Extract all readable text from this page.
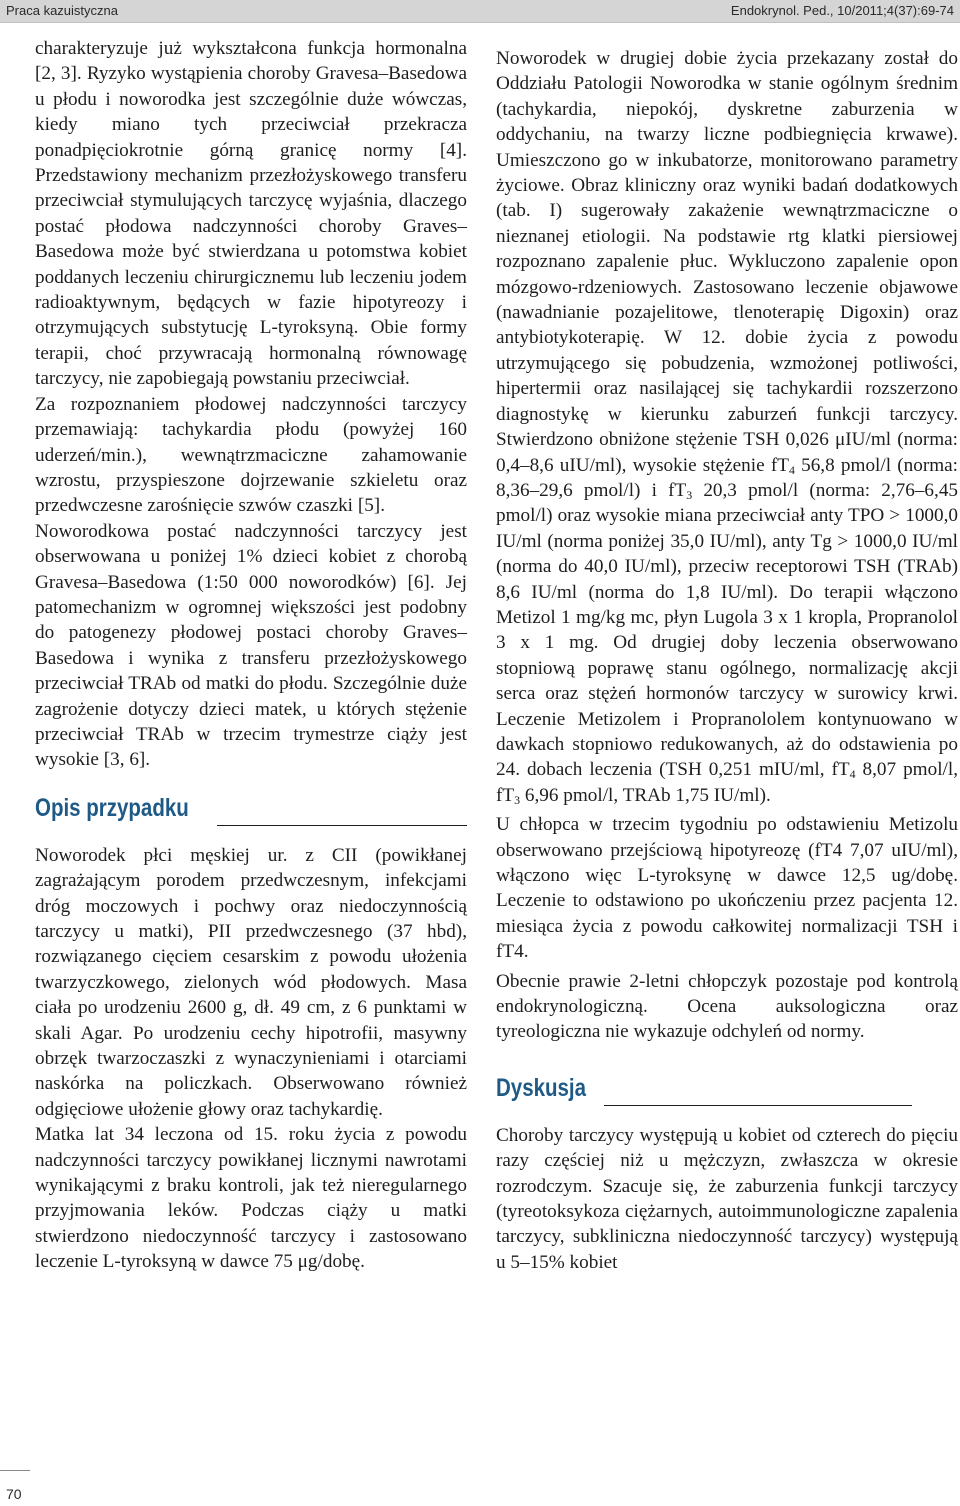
Praca kazuistyczna	Endokrynol. Ped., 10/2011;4(37):69-74

charakteryzuje już wykształcona funkcja hormonalna [2, 3]. Ryzyko wystąpienia choroby Gravesa–Basedowa u płodu i noworodka jest szczególnie duże wówczas, kiedy miano tych przeciwciał przekracza ponadpięciokrotnie górną granicę normy [4]. Przedstawiony mechanizm przezłożyskowego transferu przeciwciał stymulujących tarczycę wyjaśnia, dlaczego postać płodowa nadczynności choroby Graves–Basedowa może być stwierdzana u potomstwa kobiet poddanych leczeniu chirurgicznemu lub leczeniu jodem radioaktywnym, będących w fazie hipotyreozy i otrzymujących substytucję L-tyroksyną. Obie formy terapii, choć przywracają hormonalną równowagę tarczycy, nie zapobiegają powstaniu przeciwciał.

Za rozpoznaniem płodowej nadczynności tarczycy przemawiają: tachykardia płodu (powyżej 160 uderzeń/min.), wewnątrzmaciczne zahamowanie wzrostu, przyspieszone dojrzewanie szkieletu oraz przedwczesne zarośnięcie szwów czaszki [5].

Noworodkowa postać nadczynności tarczycy jest obserwowana u poniżej 1% dzieci kobiet z chorobą Gravesa–Basedowa (1:50 000 noworodków) [6]. Jej patomechanizm w ogromnej większości jest podobny do patogenezy płodowej postaci choroby Graves–Basedowa i wynika z transferu przezłożyskowego przeciwciał TRAb od matki do płodu. Szczególnie duże zagrożenie dotyczy dzieci matek, u których stężenie przeciwciał TRAb w trzecim trymestrze ciąży jest wysokie [3, 6].

Opis przypadku

Noworodek płci męskiej ur. z CII (powikłanej zagrażającym porodem przedwczesnym, infekcjami dróg moczowych i pochwy oraz niedoczynnością tarczycy u matki), PII przedwczesnego (37 hbd), rozwiązanego cięciem cesarskim z powodu ułożenia twarzyczkowego, zielonych wód płodowych. Masa ciała po urodzeniu 2600 g, dł. 49 cm, z 6 punktami w skali Agar. Po urodzeniu cechy hipotrofii, masywny obrzęk twarzoczaszki z wynaczynieniami i otarciami naskórka na policzkach. Obserwowano również odgięciowe ułożenie głowy oraz tachykardię.

Matka lat 34 leczona od 15. roku życia z powodu nadczynności tarczycy powikłanej licznymi nawrotami wynikającymi z braku kontroli, jak też nieregularnego przyjmowania leków. Podczas ciąży u matki stwierdzono niedoczynność tarczycy i zastosowano leczenie L-tyroksyną w dawce 75 μg/dobę.

Noworodek w drugiej dobie życia przekazany został do Oddziału Patologii Noworodka w stanie ogólnym średnim (tachykardia, niepokój, dyskretne zaburzenia w oddychaniu, na twarzy liczne podbiegnięcia krwawe). Umieszczono go w inkubatorze, monitorowano parametry życiowe. Obraz kliniczny oraz wyniki badań dodatkowych (tab. I) sugerowały zakażenie wewnątrzmaciczne o nieznanej etiologii. Na podstawie rtg klatki piersiowej rozpoznano zapalenie płuc. Wykluczono zapalenie opon mózgowo-rdzeniowych. Zastosowano leczenie objawowe (nawadnianie pozajelitowe, tlenoterapię Digoxin) oraz antybiotykoterapię. W 12. dobie życia z powodu utrzymującego się pobudzenia, wzmożonej potliwości, hipertermii oraz nasilającej się tachykardii rozszerzono diagnostykę w kierunku zaburzeń funkcji tarczycy. Stwierdzono obniżone stężenie TSH 0,026 μIU/ml (norma: 0,4–8,6 uIU/ml), wysokie stężenie $fT_4$ 56,8 pmol/l (norma: 8,36–29,6 pmol/l) i $fT_3$ 20,3 pmol/l (norma: 2,76–6,45 pmol/l) oraz wysokie miana przeciwciał anty TPO > 1000,0 IU/ml (norma poniżej 35,0 IU/ml), anty Tg > 1000,0 IU/ml (norma do 40,0 IU/ml), przeciw receptorowi TSH (TRAb) 8,6 IU/ml (norma do 1,8 IU/ml). Do terapii włączono Metizol 1 mg/kg mc, płyn Lugola 3 x 1 kropla, Propranolol 3 x 1 mg. Od drugiej doby leczenia obserwowano stopniową poprawę stanu ogólnego, normalizację akcji serca oraz stężeń hormonów tarczycy w surowicy krwi. Leczenie Metizolem i Propranololem kontynuowano w dawkach stopniowo redukowanych, aż do odstawienia po 24. dobach leczenia (TSH 0,251 mIU/ml, $fT_4$ 8,07 pmol/l, $fT_3$ 6,96 pmol/l, TRAb 1,75 IU/ml).

U chłopca w trzecim tygodniu po odstawieniu Metizolu obserwowano przejściową hipotyreozę (fT4 7,07 uIU/ml), włączono więc L-tyroksynę w dawce 12,5 ug/dobę. Leczenie to odstawiono po ukończeniu przez pacjenta 12. miesiąca życia z powodu całkowitej normalizacji TSH i fT4.

Obecnie prawie 2-letni chłopczyk pozostaje pod kontrolą endokrynologiczną. Ocena auksologiczna oraz tyreologiczna nie wykazuje odchyleń od normy.

Dyskusja

Choroby tarczycy występują u kobiet od czterech do pięciu razy częściej niż u mężczyzn, zwłaszcza w okresie rozrodczym. Szacuje się, że zaburzenia funkcji tarczycy (tyreotoksykoza ciężarnych, autoimmunologiczne zapalenia tarczycy, subkliniczna niedoczynność tarczycy) występują u 5–15% kobiet

70
